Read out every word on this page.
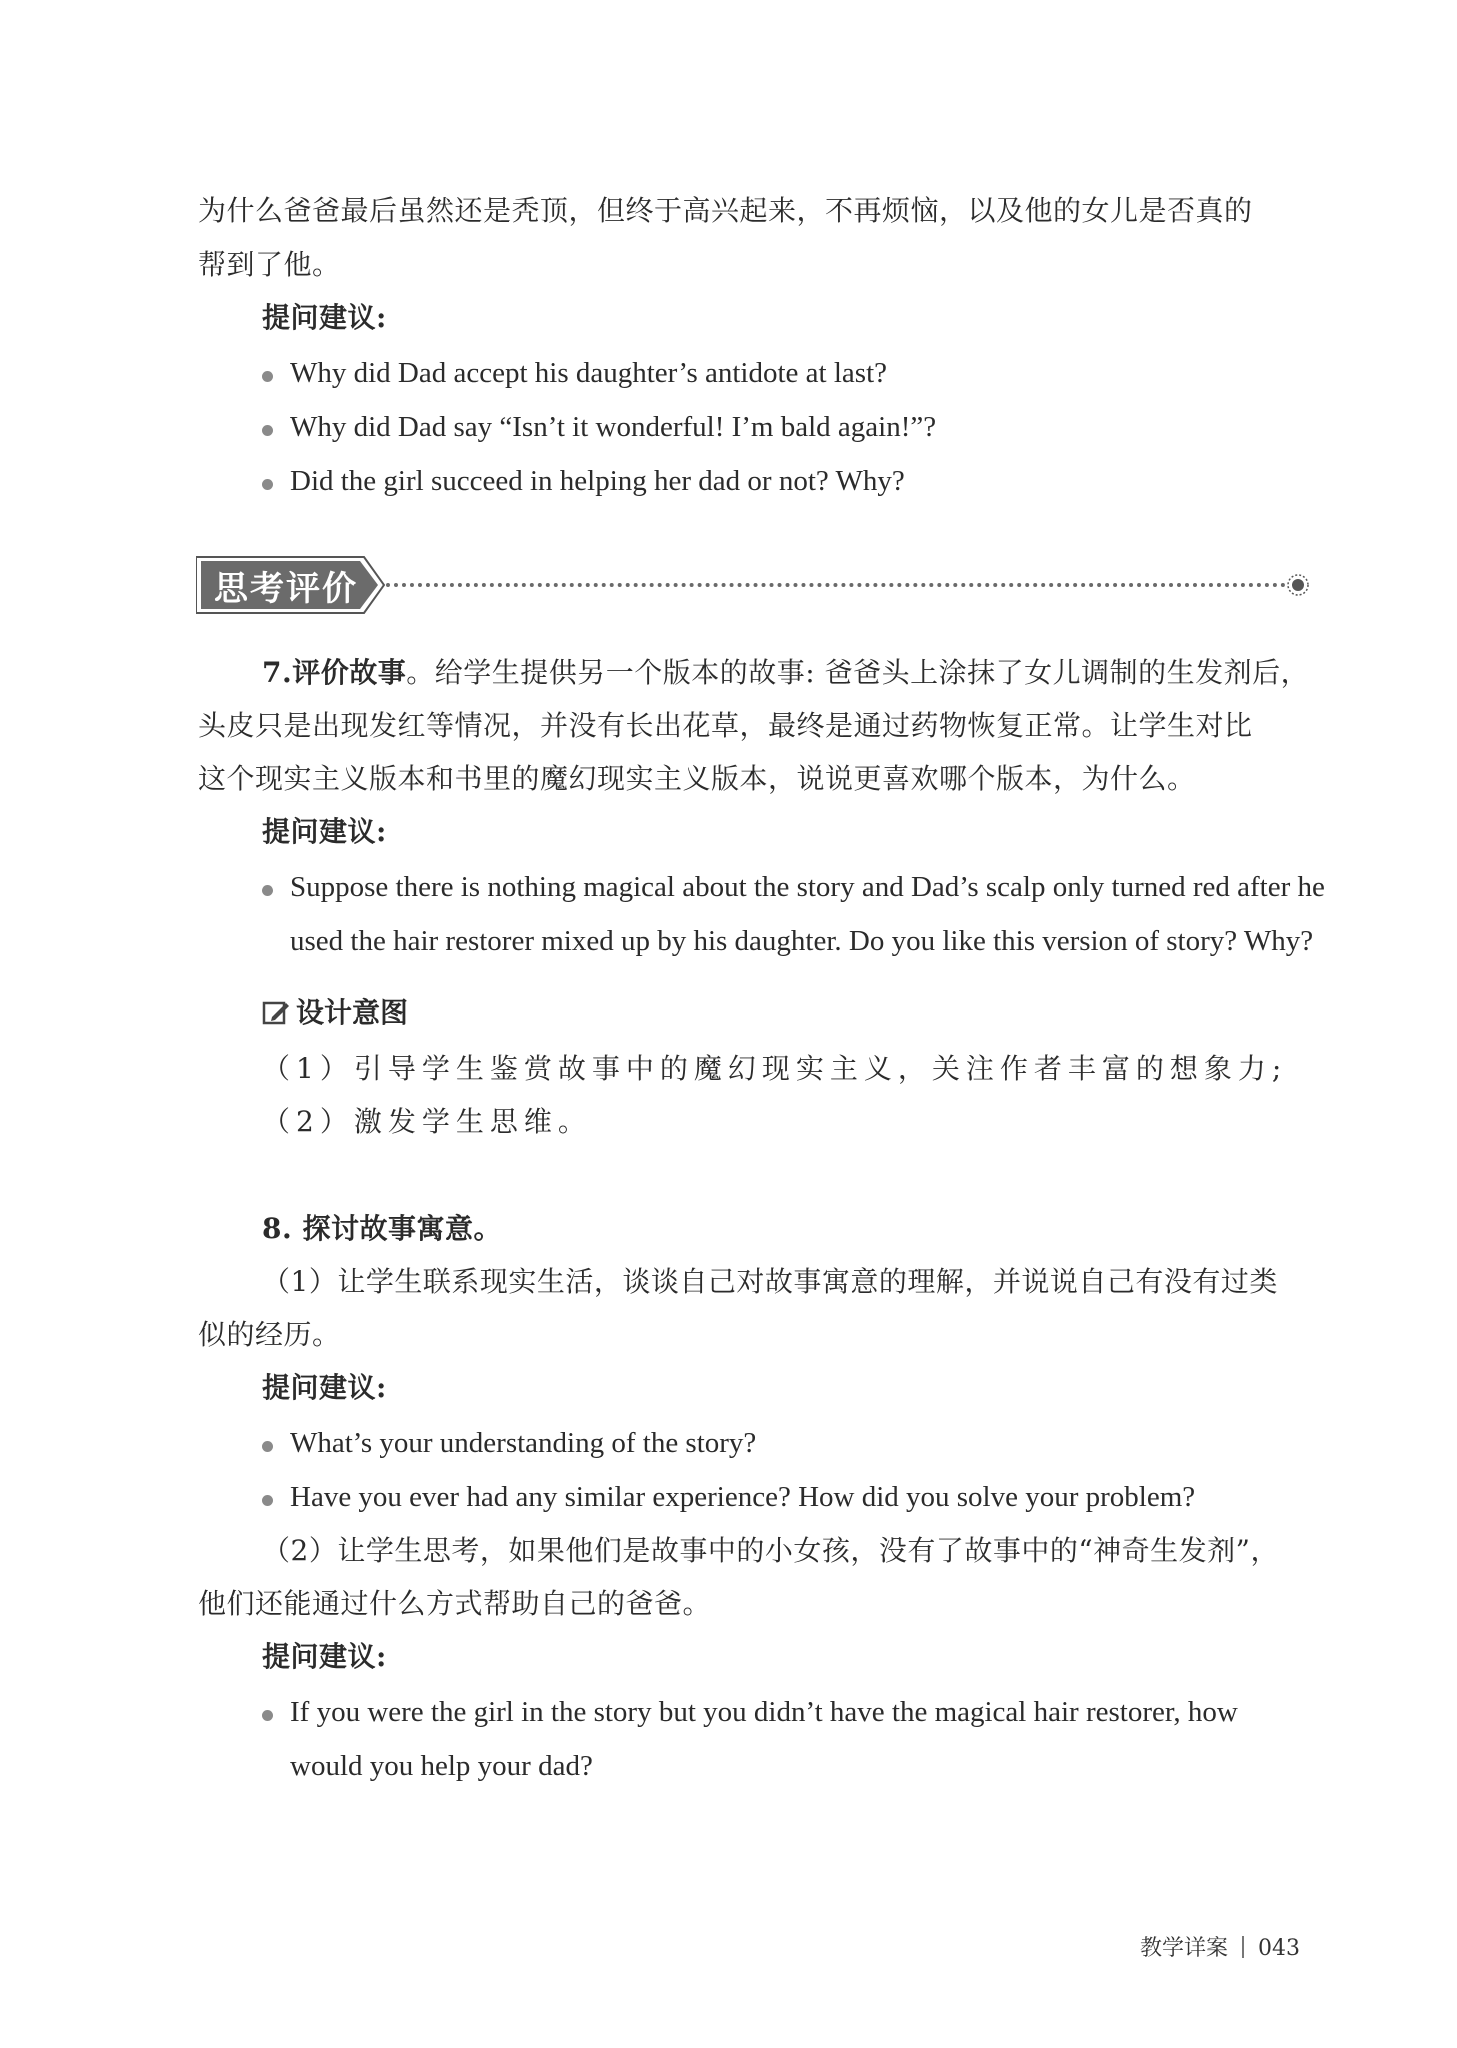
为什么爸爸最后虽然还是秃顶，但终于高兴起来，不再烦恼，以及他的女儿是否真的
帮到了他。
提问建议:
Why did Dad accept his daughter’s antidote at last?
Why did Dad say “Isn’t it wonderful! I’m bald again!”?
Did the girl succeed in helping her dad or not? Why?
思考评价
7.评价故事。给学生提供另一个版本的故事: 爸爸头上涂抹了女儿调制的生发剂后，
头皮只是出现发红等情况，并没有长出花草，最终是通过药物恢复正常。让学生对比
这个现实主义版本和书里的魔幻现实主义版本，说说更喜欢哪个版本，为什么。
提问建议:
Suppose there is nothing magical about the story and Dad’s scalp only turned red after he
used the hair restorer mixed up by his daughter. Do you like this version of story? Why?
设计意图
（1）引导学生鉴赏故事中的魔幻现实主义，关注作者丰富的想象力;
（2）激发学生思维。
8. 探讨故事寓意。
（1）让学生联系现实生活，谈谈自己对故事寓意的理解，并说说自己有没有过类
似的经历。
提问建议:
What’s your understanding of the story?
Have you ever had any similar experience? How did you solve your problem?
（2）让学生思考，如果他们是故事中的小女孩，没有了故事中的“神奇生发剂”，
他们还能通过什么方式帮助自己的爸爸。
提问建议:
If you were the girl in the story but you didn’t have the magical hair restorer, how
would you help your dad?
教学详案 043
